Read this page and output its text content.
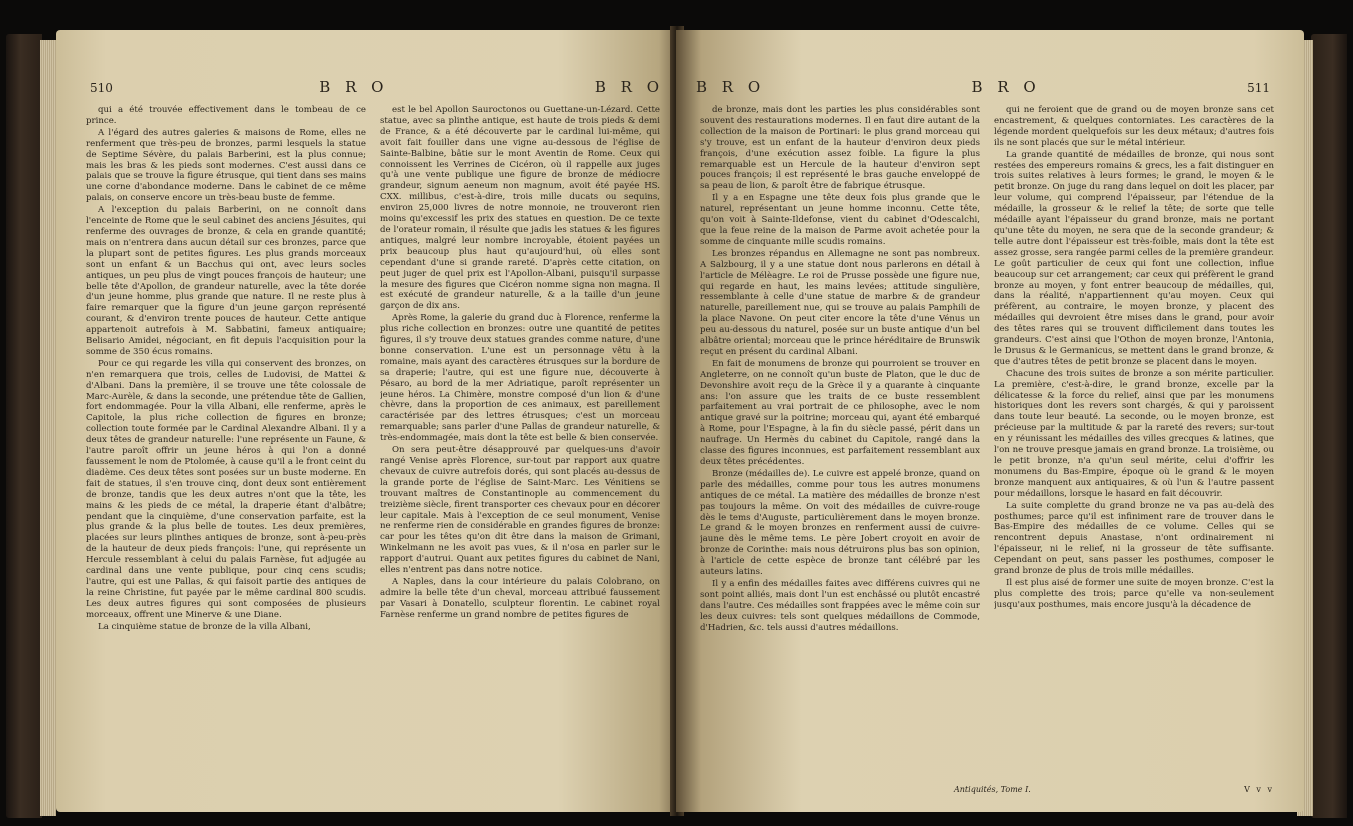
510	B R O	B R O

qui a été trouvée effectivement dans le tombeau de ce prince.

A l'égard des autres galeries & maisons de Rome, elles ne renferment que très-peu de bronzes, parmi lesquels la statue de Septime Sévère, du palais Barberini, est la plus connue; mais les bras & les pieds sont modernes. C'est aussi dans ce palais que se trouve la figure étrusque, qui tient dans ses mains une corne d'abondance moderne. Dans le cabinet de ce même palais, on conserve encore un très-beau buste de femme.

A l'exception du palais Barberini, on ne connoît dans l'enceinte de Rome que le seul cabinet des anciens Jésuites, qui renferme des ouvrages de bronze, & cela en grande quantité; mais on n'entrera dans aucun détail sur ces bronzes, parce que la plupart sont de petites figures. Les plus grands morceaux sont un enfant & un Bacchus qui ont, avec leurs socles antiques, un peu plus de vingt pouces françois de hauteur; une belle tête d'Apollon, de grandeur naturelle, avec la tête dorée d'un jeune homme, plus grande que nature. Il ne reste plus à faire remarquer que la figure d'un jeune garçon représenté courant, & d'environ trente pouces de hauteur. Cette antique appartenoit autrefois à M. Sabbatini, fameux antiquaire; Belisario Amidei, négociant, en fit depuis l'acquisition pour la somme de 350 écus romains.

Pour ce qui regarde les villa qui conservent des bronzes, on n'en remarquera que trois, celles de Ludovisi, de Mattei & d'Albani. Dans la première, il se trouve une tête colossale de Marc-Aurèle, & dans la seconde, une prétendue tête de Gallien, fort endommagée. Pour la villa Albani, elle renferme, après le Capitole, la plus riche collection de figures en bronze; collection toute formée par le Cardinal Alexandre Albani. Il y a deux têtes de grandeur naturelle: l'une représente un Faune, & l'autre paroît offrir un jeune héros à qui l'on a donné faussement le nom de Ptolomée, à cause qu'il a le front ceint du diadème. Ces deux têtes sont posées sur un buste moderne. En fait de statues, il s'en trouve cinq, dont deux sont entièrement de bronze, tandis que les deux autres n'ont que la tête, les mains & les pieds de ce métal, la draperie étant d'albâtre; pendant que la cinquième, d'une conservation parfaite, est la plus grande & la plus belle de toutes. Les deux premières, placées sur leurs plinthes antiques de bronze, sont à-peu-près de la hauteur de deux pieds françois: l'une, qui représente un Hercule ressemblant à celui du palais Farnèse, fut adjugée au cardinal dans une vente publique, pour cinq cens scudis; l'autre, qui est une Pallas, & qui faisoit partie des antiques de la reine Christine, fut payée par le même cardinal 800 scudis. Les deux autres figures qui sont composées de plusieurs morceaux, offrent une Minerve & une Diane.

La cinquième statue de bronze de la villa Albani,

est le bel Apollon Sauroctonos ou Guettane-un-Lézard. Cette statue, avec sa plinthe antique, est haute de trois pieds & demi de France, & a été découverte par le cardinal lui-même, qui avoit fait fouiller dans une vigne au-dessous de l'église de Sainte-Balbine, bâtie sur le mont Aventin de Rome. Ceux qui connoissent les Verrines de Cicéron, où il rappelle aux juges qu'à une vente publique une figure de bronze de médiocre grandeur, signum aeneum non magnum, avoit été payée HS. CXX. millibus, c'est-à-dire, trois mille ducats ou sequins, environ 25,000 livres de notre monnoie, ne trouveront rien moins qu'excessif les prix des statues en question. De ce texte de l'orateur romain, il résulte que jadis les statues & les figures antiques, malgré leur nombre incroyable, étoient payées un prix beaucoup plus haut qu'aujourd'hui, où elles sont cependant d'une si grande rareté. D'après cette citation, on peut juger de quel prix est l'Apollon-Albani, puisqu'il surpasse la mesure des figures que Cicéron nomme signa non magna. Il est exécuté de grandeur naturelle, & a la taille d'un jeune garçon de dix ans.

Après Rome, la galerie du grand duc à Florence, renferme la plus riche collection en bronzes: outre une quantité de petites figures, il s'y trouve deux statues grandes comme nature, d'une bonne conservation. L'une est un personnage vêtu à la romaine, mais ayant des caractères étrusques sur la bordure de sa draperie; l'autre, qui est une figure nue, découverte à Pésaro, au bord de la mer Adriatique, paroît représenter un jeune héros. La Chimère, monstre composé d'un lion & d'une chèvre, dans la proportion de ces animaux, est pareillement caractérisée par des lettres étrusques; c'est un morceau remarquable; sans parler d'une Pallas de grandeur naturelle, & très-endommagée, mais dont la tête est belle & bien conservée.

On sera peut-être désapprouvé par quelques-uns d'avoir rangé Venise après Florence, sur-tout par rapport aux quatre chevaux de cuivre autrefois dorés, qui sont placés au-dessus de la grande porte de l'église de Saint-Marc. Les Vénitiens se trouvant maîtres de Constantinople au commencement du treizième siècle, firent transporter ces chevaux pour en décorer leur capitale. Mais à l'exception de ce seul monument, Venise ne renferme rien de considérable en grandes figures de bronze: car pour les têtes qu'on dit être dans la maison de Grimani, Winkelmann ne les avoit pas vues, & il n'osa en parler sur le rapport d'autrui. Quant aux petites figures du cabinet de Nani, elles n'entrent pas dans notre notice.

A Naples, dans la cour intérieure du palais Colobrano, on admire la belle tête d'un cheval, morceau attribué faussement par Vasari à Donatello, sculpteur florentin. Le cabinet royal Farnèse renferme un grand nombre de petites figures de

B R O	B R O	511

de bronze, mais dont les parties les plus considérables sont souvent des restaurations modernes. Il en faut dire autant de la collection de la maison de Portinari: le plus grand morceau qui s'y trouve, est un enfant de la hauteur d'environ deux pieds françois, d'une exécution assez foible. La figure la plus remarquable est un Hercule de la hauteur d'environ sept pouces françois; il est représenté le bras gauche enveloppé de sa peau de lion, & paroît être de fabrique étrusque.

Il y a en Espagne une tête deux fois plus grande que le naturel, représentant un jeune homme inconnu. Cette tête, qu'on voit à Sainte-Ildefonse, vient du cabinet d'Odescalchi, que la feue reine de la maison de Parme avoit achetée pour la somme de cinquante mille scudis romains.

Les bronzes répandus en Allemagne ne sont pas nombreux. A Salzbourg, il y a une statue dont nous parlerons en détail à l'article de Mélèagre. Le roi de Prusse possède une figure nue, qui regarde en haut, les mains levées; attitude singulière, ressemblante à celle d'une statue de marbre & de grandeur naturelle, pareillement nue, qui se trouve au palais Pamphili de la place Navone. On peut citer encore la tête d'une Vénus un peu au-dessous du naturel, posée sur un buste antique d'un bel albâtre oriental; morceau que le prince héréditaire de Brunswik reçut en présent du cardinal Albani.

En fait de monumens de bronze qui pourroient se trouver en Angleterre, on ne connoît qu'un buste de Platon, que le duc de Devonshire avoit reçu de la Grèce il y a quarante à cinquante ans: l'on assure que les traits de ce buste ressemblent parfaitement au vrai portrait de ce philosophe, avec le nom antique gravé sur la poitrine; morceau qui, ayant été embarqué à Rome, pour l'Espagne, à la fin du siècle passé, périt dans un naufrage. Un Hermès du cabinet du Capitole, rangé dans la classe des figures inconnues, est parfaitement ressemblant aux deux têtes précédentes.

Bronze (médailles de). Le cuivre est appelé bronze, quand on parle des médailles, comme pour tous les autres monumens antiques de ce métal. La matière des médailles de bronze n'est pas toujours la même. On voit des médailles de cuivre-rouge dès le tems d'Auguste, particulièrement dans le moyen bronze. Le grand & le moyen bronzes en renferment aussi de cuivre-jaune dès le même tems. Le père Jobert croyoit en avoir de bronze de Corinthe: mais nous détruirons plus bas son opinion, à l'article de cette espèce de bronze tant célébré par les auteurs latins.

Il y a enfin des médailles faites avec différens cuivres qui ne sont point alliés, mais dont l'un est enchâssé ou plutôt encastré dans l'autre. Ces médailles sont frappées avec le même coin sur les deux cuivres: tels sont quelques médaillons de Commode, d'Hadrien, &c. tels aussi d'autres médaillons.

qui ne feroient que de grand ou de moyen bronze sans cet encastrement, & quelques contorniates. Les caractères de la légende mordent quelquefois sur les deux métaux; d'autres fois ils ne sont placés que sur le métal intérieur.

La grande quantité de médailles de bronze, qui nous sont restées des empereurs romains & grecs, les a fait distinguer en trois suites relatives à leurs formes; le grand, le moyen & le petit bronze. On juge du rang dans lequel on doit les placer, par leur volume, qui comprend l'épaisseur, par l'étendue de la médaille, la grosseur & le relief la tête; de sorte que telle médaille ayant l'épaisseur du grand bronze, mais ne portant qu'une tête du moyen, ne sera que de la seconde grandeur; & telle autre dont l'épaisseur est très-foible, mais dont la tête est assez grosse, sera rangée parmi celles de la première grandeur. Le goût particulier de ceux qui font une collection, influe beaucoup sur cet arrangement; car ceux qui préfèrent le grand bronze au moyen, y font entrer beaucoup de médailles, qui, dans la réalité, n'appartiennent qu'au moyen. Ceux qui préfèrent, au contraire, le moyen bronze, y placent des médailles qui devroient être mises dans le grand, pour avoir des têtes rares qui se trouvent difficilement dans toutes les grandeurs. C'est ainsi que l'Othon de moyen bronze, l'Antonia, le Drusus & le Germanicus, se mettent dans le grand bronze, & que d'autres têtes de petit bronze se placent dans le moyen.

Chacune des trois suites de bronze a son mérite particulier. La première, c'est-à-dire, le grand bronze, excelle par la délicatesse & la force du relief, ainsi que par les monumens historiques dont les revers sont chargés, & qui y paroissent dans toute leur beauté. La seconde, ou le moyen bronze, est précieuse par la multitude & par la rareté des revers; sur-tout en y réunissant les médailles des villes grecques & latines, que l'on ne trouve presque jamais en grand bronze. La troisième, ou le petit bronze, n'a qu'un seul mérite, celui d'offrir les monumens du Bas-Empire, époque où le grand & le moyen bronze manquent aux antiquaires, & où l'un & l'autre passent pour médaillons, lorsque le hasard en fait découvrir.

La suite complette du grand bronze ne va pas au-delà des posthumes; parce qu'il est infiniment rare de trouver dans le Bas-Empire des médailles de ce volume. Celles qui se rencontrent depuis Anastase, n'ont ordinairement ni l'épaisseur, ni le relief, ni la grosseur de tête suffisante. Cependant on peut, sans passer les posthumes, composer le grand bronze de plus de trois mille médailles.

Il est plus aisé de former une suite de moyen bronze. C'est la plus complette des trois; parce qu'elle va non-seulement jusqu'aux posthumes, mais encore jusqu'à la décadence de

Antiquités, Tome I.	V v v
